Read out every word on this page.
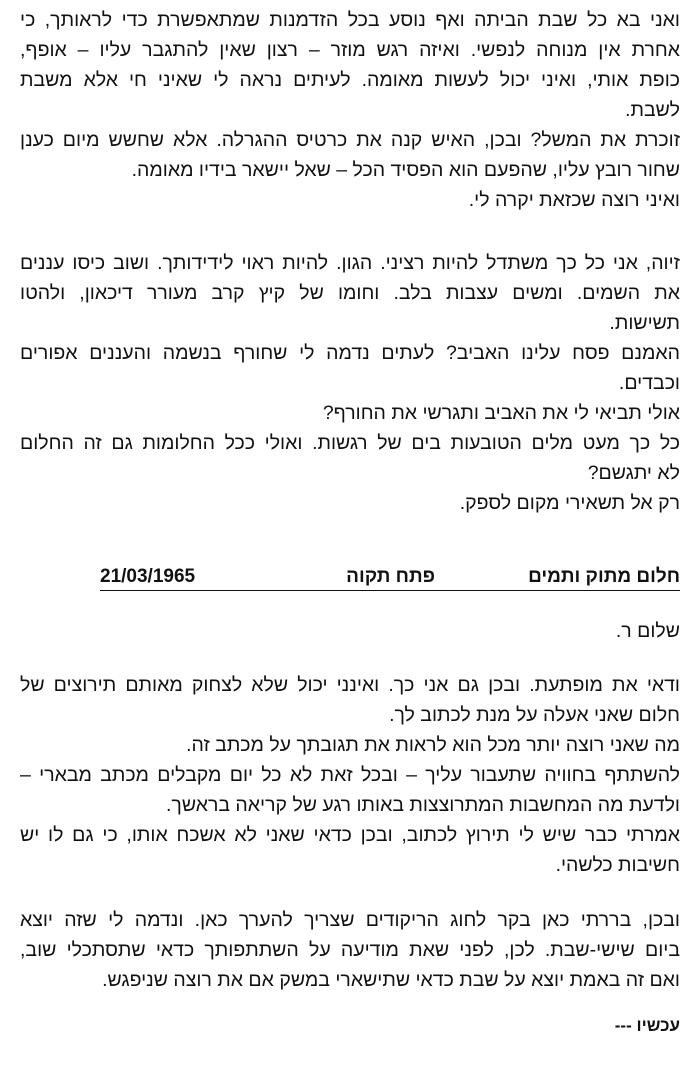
ואני בא כל שבת הביתה ואף נוסע בכל הזדמנות שמתאפשרת כדי לראותך, כי
אחרת אין מנוחה לנפשי. ואיזה רגש מוזר – רצון שאין להתגבר עליו – אופף,
כופת אותי, ואיני יכול לעשות מאומה. לעיתים נראה לי שאיני חי אלא משבת
לשבת.
זוכרת את המשל? ובכן, האיש קנה את כרטיס ההגרלה. אלא שחשש מיום כענן
שחור רובץ עליו, שהפעם הוא הפסיד הכל – שאל יישאר בידיו מאומה.
ואיני רוצה שכזאת יקרה לי.
זיוה, אני כל כך משתדל להיות רציני. הגון. להיות ראוי לידידותך. ושוב כיסו עננים
את השמים. ומשים עצבות בלב. וחומו של קיץ קרב מעורר דיכאון, ולהטו
תשישות.
האמנם פסח עלינו האביב? לעתים נדמה לי שחורף בנשמה והעננים אפורים
וכבדים.
אולי תביאי לי את האביב ותגרשי את החורף?
כל כך מעט מלים הטובעות בים של רגשות. ואולי ככל החלומות גם זה החלום
לא יתגשם?
רק אל תשאירי מקום לספק.
חלום מתוק ותמים
פתח תקוה
21/03/1965
שלום ר.
ודאי את מופתעת. ובכן גם אני כך. ואינני יכול שלא לצחוק מאותם תירוצים של
חלום שאני אעלה על מנת לכתוב לך.
מה שאני רוצה יותר מכל הוא לראות את תגובתך על מכתב זה.
להשתתף בחוויה שתעבור עליך – ובכל זאת לא כל יום מקבלים מכתב מבארי –
ולדעת מה המחשבות המתרוצצות באותו רגע של קריאה בראשך.
אמרתי כבר שיש לי תירוץ לכתוב, ובכן כדאי שאני לא אשכח אותו, כי גם לו יש
חשיבות כלשהי.
ובכן, בררתי כאן בקר לחוג הריקודים שצריך להערך כאן. ונדמה לי שזה יוצא
ביום שישי-שבת. לכן, לפני שאת מודיעה על השתתפותך כדאי שתסתכלי שוב,
ואם זה באמת יוצא על שבת כדאי שתישארי במשק אם את רוצה שניפגש.
עכשיו ---
